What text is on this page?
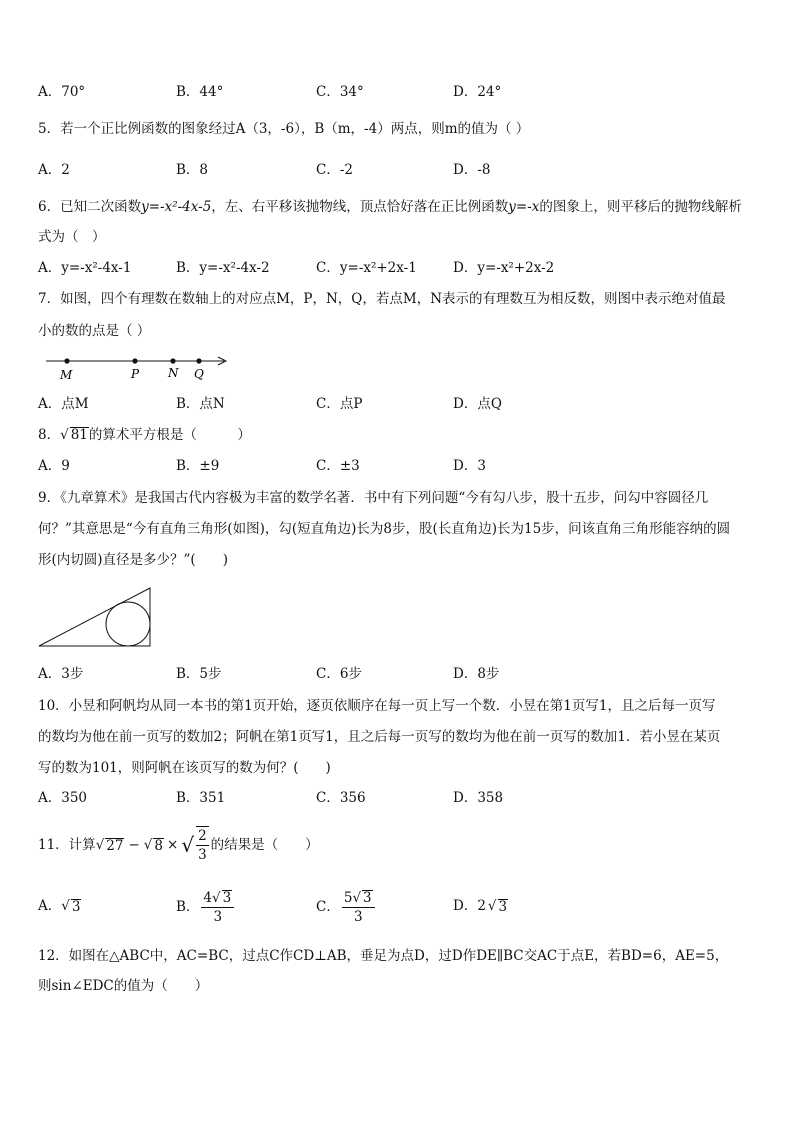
A．70°	B．44°	C．34°	D．24°
5．若一个正比例函数的图象经过A（3，-6），B（m，-4）两点，则m的值为（ ）
A．2	B．8	C．-2	D．-8
6．已知二次函数y=-x²-4x-5，左、右平移该抛物线，顶点恰好落在正比例函数y=-x的图象上，则平移后的抛物线解析
式为（　）
A．y=-x²-4x-1	B．y=-x²-4x-2	C．y=-x²+2x-1	D．y=-x²+2x-2
7．如图，四个有理数在数轴上的对应点M，P，N，Q，若点M，N表示的有理数互为相反数，则图中表示绝对值最
小的数的点是（ ）
M	P N Q
A．点M	B．点N	C．点P	D．点Q
8．√ 81的算术平方根是（　　　）
A．9	B．±9	C．±3	D．3
9．《九章算术》是我国古代内容极为丰富的数学名著．书中有下列问题“今有勾八步，股十五步，问勾中容圆径几
何？”其意思是“今有直角三角形(如图)，勾(短直角边)长为8步，股(长直角边)长为15步，问该直角三角形能容纳的圆
形(内切圆)直径是多少？”(　　)
A．3步	B．5步	C．6步	D．8步
10．小昱和阿帆均从同一本书的第1页开始，逐页依顺序在每一页上写一个数．小昱在第1页写1，且之后每一页写
的数均为他在前一页写的数加2；阿帆在第1页写1，且之后每一页写的数均为他在前一页写的数加1．若小昱在某页
写的数为101，则阿帆在该页写的数为何？(　　)
A．350	B．351	C．356	D．358
11．计算 √ 27 − √ 8 × √ $\frac{2}{3}$ 的结果是（　　）
A． √ 3	B． $\frac{4√ 3}{3}$	C． $\frac{5√ 3}{3}$	D． 2 √ 3
12．如图在△ABC中，AC=BC，过点C作CD⊥AB，垂足为点D，过D作DE∥BC交AC于点E，若BD=6，AE=5，
则sin∠EDC的值为（　　）
